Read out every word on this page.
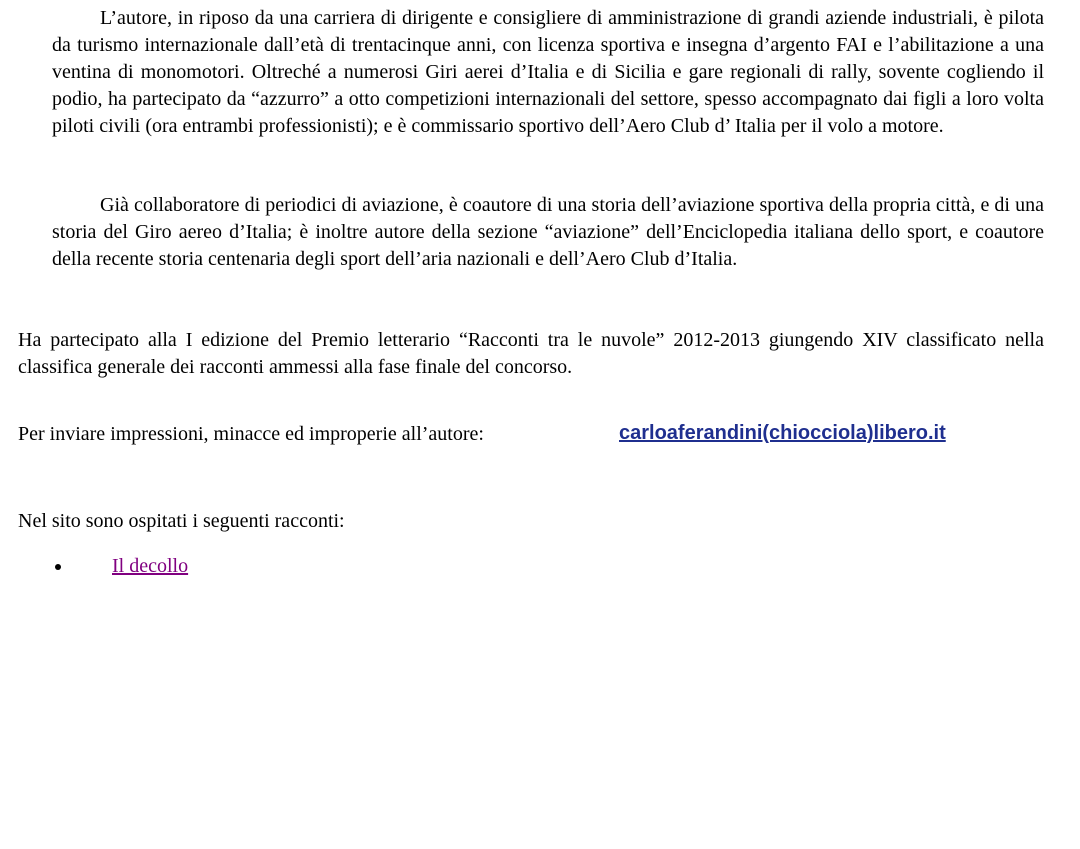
L’autore, in riposo da una carriera di dirigente e consigliere di amministrazione di grandi aziende industriali, è pilota da turismo internazionale dall’età di trentacinque anni, con licenza sportiva e insegna d’argento FAI e l’abilitazione a una ventina di monomotori. Oltreché a numerosi Giri aerei d’Italia e di Sicilia e gare regionali di rally, sovente cogliendo il podio, ha partecipato da “azzurro” a otto competizioni internazionali del settore, spesso accompagnato dai figli a loro volta piloti civili (ora entrambi professionisti); e è commissario sportivo dell’Aero Club d’ Italia per il volo a motore.

Già collaboratore di periodici di aviazione, è coautore di una storia dell’aviazione sportiva della propria città, e di una storia del Giro aereo d’Italia; è inoltre autore della sezione “aviazione” dell’Enciclopedia italiana dello sport, e coautore della recente storia centenaria degli sport dell’aria nazionali e dell’Aero Club d’Italia.

Ha partecipato alla I edizione del Premio letterario “Racconti tra le nuvole” 2012-2013 giungendo XIV classificato nella classifica generale dei racconti ammessi alla fase finale del concorso.

Per inviare impressioni, minacce ed improperie all’autore:	carloaferandini(chiocciola)libero.it

Nel sito sono ospitati i seguenti racconti:

Il decollo
